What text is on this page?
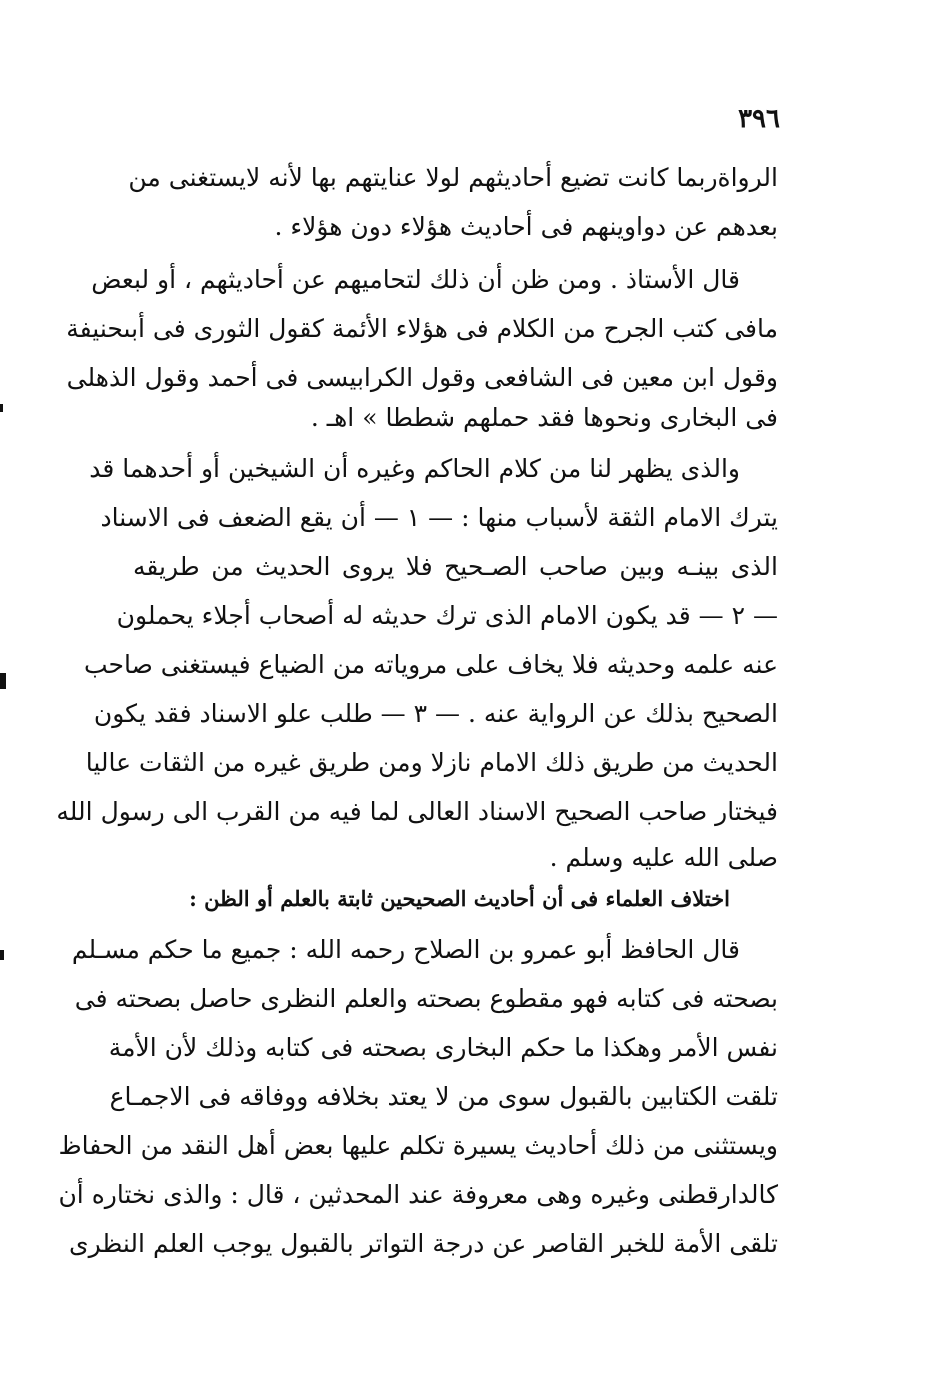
٣٩٦
الرواةربما كانت تضيع أحاديثهم لولا عنايتهم بها لأنه لايستغنى من
بعدهم عن دواوينهم فى أحاديث هؤلاء دون هؤلاء .
قال الأستاذ . ومن ظن أن ذلك لتحاميهم عن أحاديثهم ، أو لبعض
مافى كتب الجرح من الكلام فى هؤلاء الأئمة كقول الثورى فى أبىحنيفة
وقول ابن معين فى الشافعى وقول الكرابيسى فى أحمد وقول الذهلى
فى البخارى ونحوها فقد حملهم شططا » اهـ .
والذى يظهر لنا من كلام الحاكم وغيره أن الشيخين أو أحدهما قد
يترك الامام الثقة لأسباب منها : — ١ — أن يقع الضعف فى الاسناد
الذى بينـه وبين صاحب الصـحيح فلا يروى الحديث من طريقه
— ٢ — قد يكون الامام الذى ترك حديثه له أصحاب أجلاء يحملون
عنه علمه وحديثه فلا يخاف على مروياته من الضياع فيستغنى صاحب
الصحيح بذلك عن الرواية عنه . — ٣ — طلب علو الاسناد فقد يكون
الحديث من طريق ذلك الامام نازلا ومن طريق غيره من الثقات عاليا
فيختار صاحب الصحيح الاسناد العالى لما فيه من القرب الى رسول الله
صلى الله عليه وسلم .
اختلاف العلماء فى أن أحاديث الصحيحين ثابتة بالعلم أو الظن :
قال الحافظ أبو عمرو بن الصلاح رحمه الله : جميع ما حكم مسـلم
بصحته فى كتابه فهو مقطوع بصحته والعلم النظرى حاصل بصحته فى
نفس الأمر وهكذا ما حكم البخارى بصحته فى كتابه وذلك لأن الأمة
تلقت الكتابين بالقبول سوى من لا يعتد بخلافه ووفاقه فى الاجمـاع
ويستثنى من ذلك أحاديث يسيرة تكلم عليها بعض أهل النقد من الحفاظ
كالدارقطنى وغيره وهى معروفة عند المحدثين ، قال : والذى نختاره أن
تلقى الأمة للخبر القاصر عن درجة التواتر بالقبول يوجب العلم النظرى
